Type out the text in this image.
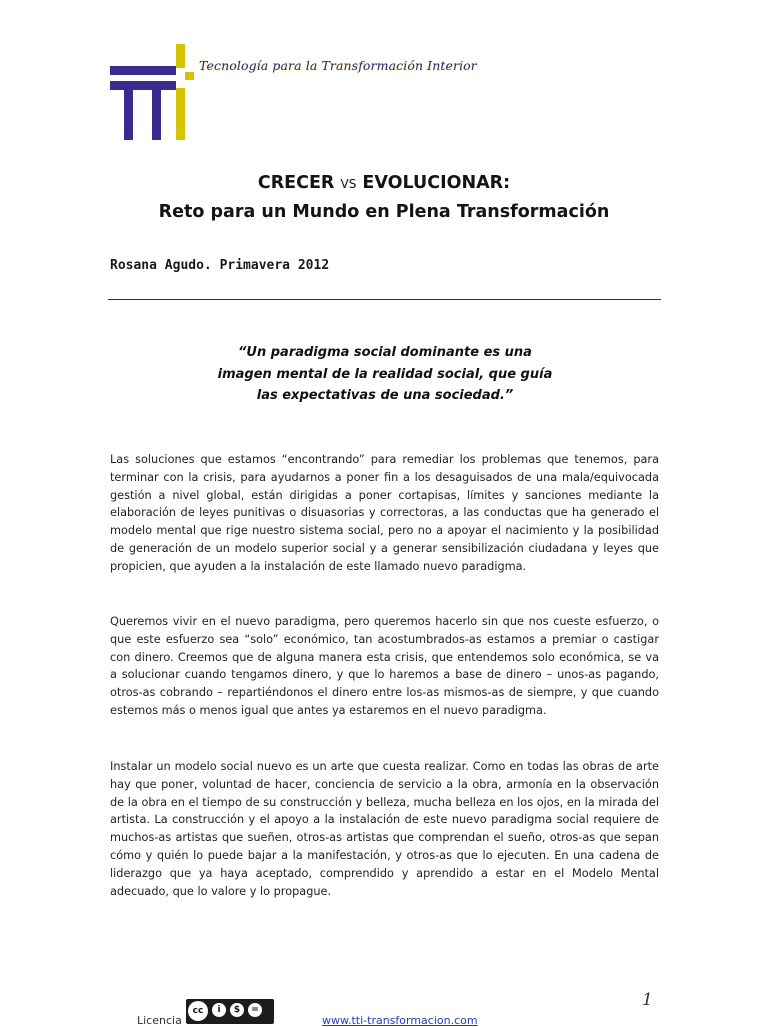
Tecnología para la Transformación Interior
CRECER VS EVOLUCIONAR:
Reto para un Mundo en Plena Transformación
Rosana Agudo. Primavera 2012
“Un paradigma social dominante es una
imagen mental de la realidad social, que guía
las expectativas de una sociedad.”
Las soluciones que estamos “encontrando” para remediar los problemas que tenemos, para terminar con la crisis, para ayudarnos a poner fin a los desaguisados de una mala/equivocada gestión a nivel global, están dirigidas a poner cortapisas, límites y sanciones mediante la elaboración de leyes punitivas o disuasorias y correctoras, a las conductas que ha generado el modelo mental que rige nuestro sistema social, pero no a apoyar el nacimiento y la posibilidad de generación de un modelo superior social y a generar sensibilización ciudadana y leyes que propicien, que ayuden a la instalación de este llamado nuevo paradigma.
Queremos vivir en el nuevo paradigma, pero queremos hacerlo sin que nos cueste esfuerzo, o que este esfuerzo sea “solo” económico, tan acostumbrados-as estamos a premiar o castigar con dinero. Creemos que de alguna manera esta crisis, que entendemos solo económica, se va a solucionar cuando tengamos dinero, y que lo haremos a base de dinero – unos-as pagando, otros-as cobrando – repartiéndonos el dinero entre los-as mismos-as de siempre, y que cuando estemos más o menos igual que antes ya estaremos en el nuevo paradigma.
Instalar un modelo social nuevo es un arte que cuesta realizar. Como en todas las obras de arte hay que poner, voluntad de hacer, conciencia de servicio a la obra, armonía en la observación de la obra en el tiempo de su construcción y belleza, mucha belleza en los ojos, en la mirada del artista. La construcción y el apoyo a la instalación de este nuevo paradigma social requiere de muchos-as artistas que sueñen, otros-as artistas que comprendan el sueño, otros-as que sepan cómo y quién lo puede bajar a la manifestación, y otros-as que lo ejecuten. En una cadena de liderazgo que ya haya aceptado, comprendido y aprendido a estar en el Modelo Mental adecuado, que lo valore y lo propague.
1
Licencia
cc	i	$	=
www.tti-transformacion.com
